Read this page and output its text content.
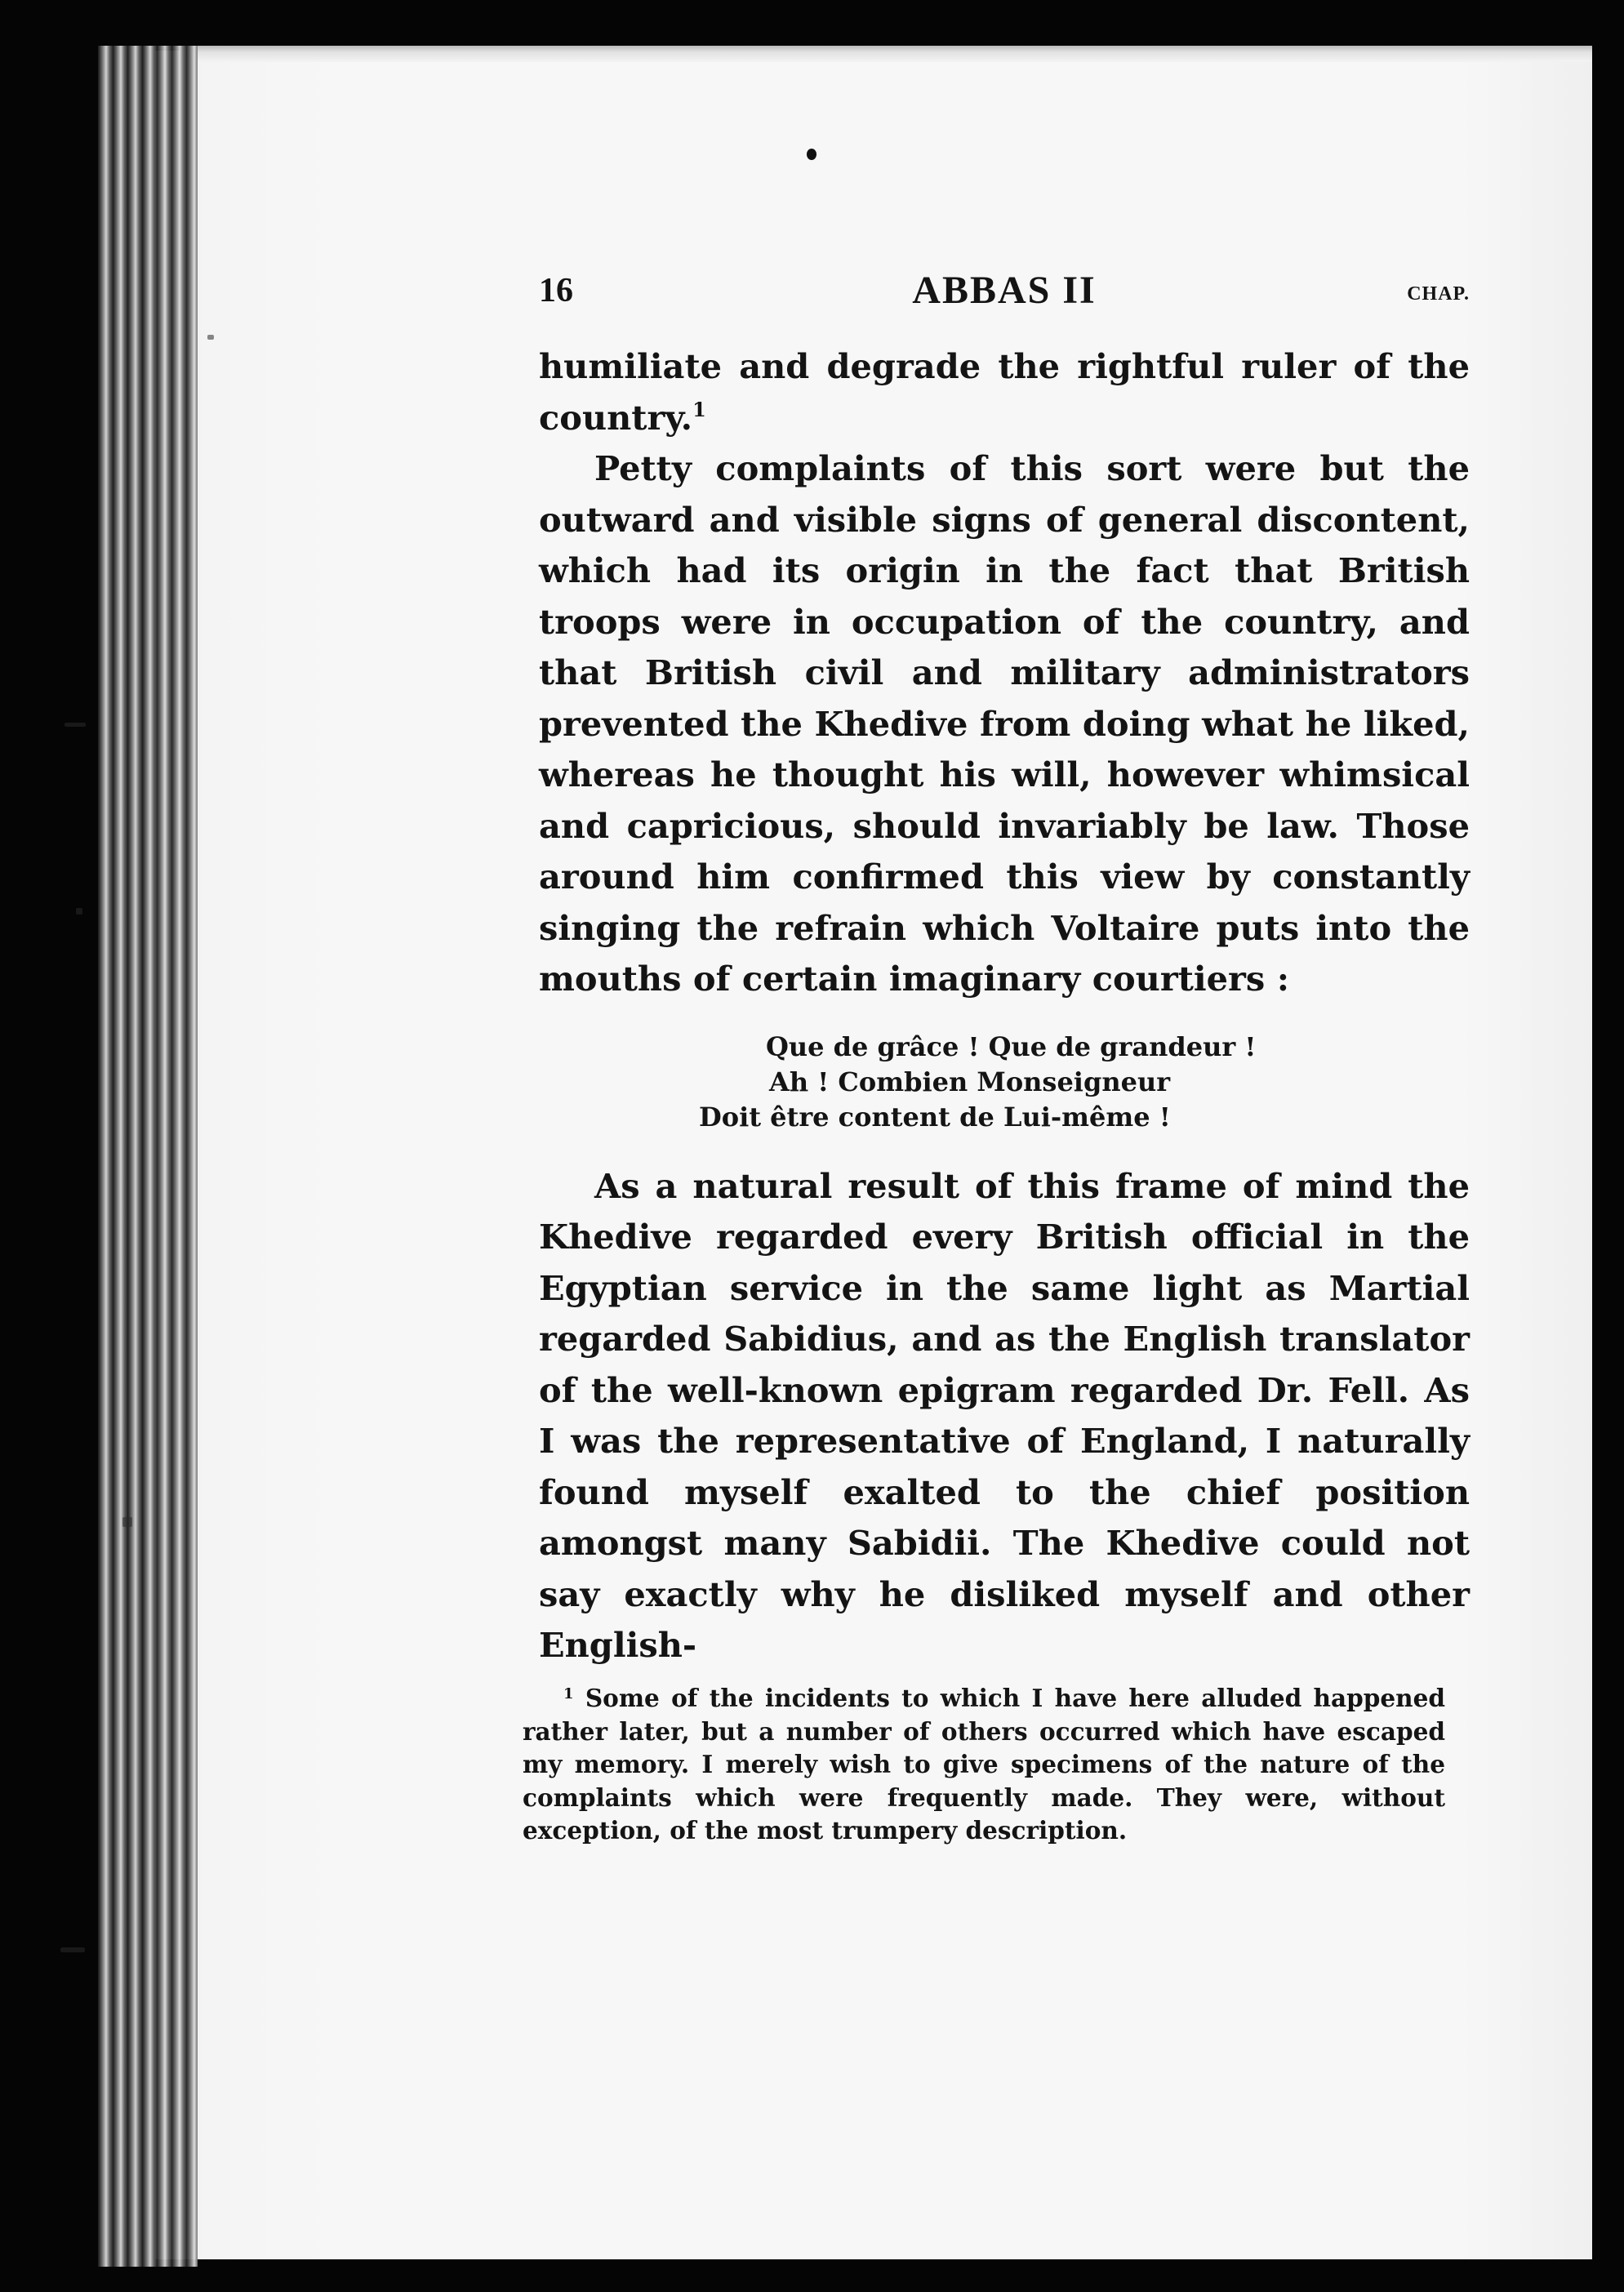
16	ABBAS II	CHAP.

humiliate and degrade the rightful ruler of the country.$^1$

Petty complaints of this sort were but the outward and visible signs of general discontent, which had its origin in the fact that British troops were in occupation of the country, and that British civil and military administrators prevented the Khedive from doing what he liked, whereas he thought his will, however whimsical and capricious, should invariably be law. Those around him confirmed this view by constantly singing the refrain which Voltaire puts into the mouths of certain imaginary courtiers :

Que de grâce ! Que de grandeur !
Ah ! Combien Monseigneur
Doit être content de Lui-même !

As a natural result of this frame of mind the Khedive regarded every British official in the Egyptian service in the same light as Martial regarded Sabidius, and as the English translator of the well-known epigram regarded Dr. Fell. As I was the representative of England, I naturally found myself exalted to the chief position amongst many Sabidii. The Khedive could not say exactly why he disliked myself and other English-

$^1$ Some of the incidents to which I have here alluded happened rather later, but a number of others occurred which have escaped my memory. I merely wish to give specimens of the nature of the complaints which were frequently made. They were, without exception, of the most trumpery description.
